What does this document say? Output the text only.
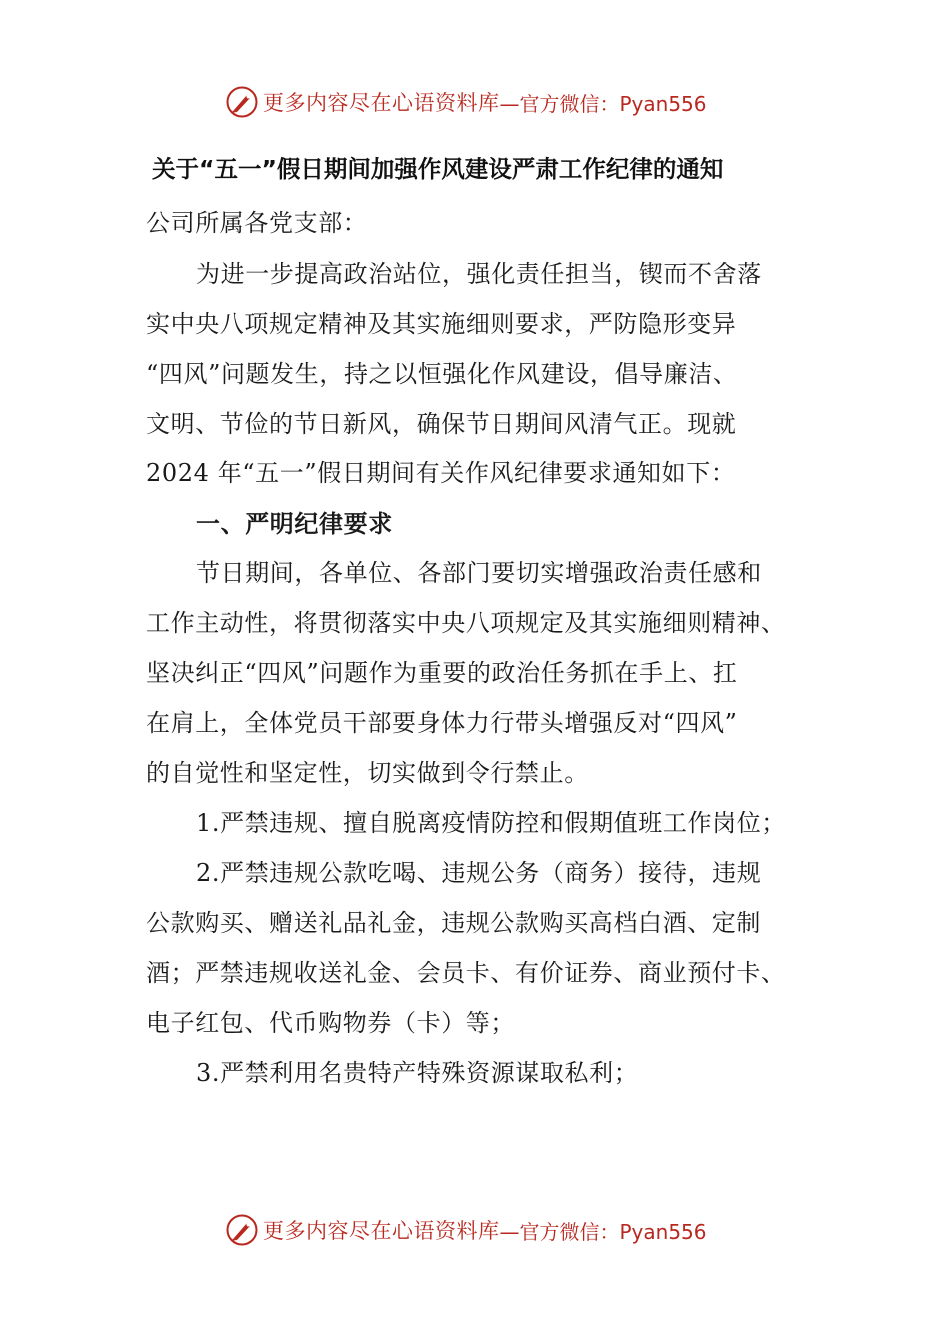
更多内容尽在心语资料库 —官方微信：Pyan556
关于“五一”假日期间加强作风建设严肃工作纪律的通知
公司所属各党支部：
为进一步提高政治站位，强化责任担当，锲而不舍落
实中央八项规定精神及其实施细则要求，严防隐形变异
“四风”问题发生，持之以恒强化作风建设，倡导廉洁、
文明、节俭的节日新风，确保节日期间风清气正。现就
2024 年“五一”假日期间有关作风纪律要求通知如下：
一、严明纪律要求
节日期间，各单位、各部门要切实增强政治责任感和
工作主动性，将贯彻落实中央八项规定及其实施细则精神、
坚决纠正“四风”问题作为重要的政治任务抓在手上、扛
在肩上，全体党员干部要身体力行带头增强反对“四风”
的自觉性和坚定性，切实做到令行禁止。
1.严禁违规、擅自脱离疫情防控和假期值班工作岗位；
2.严禁违规公款吃喝、违规公务（商务）接待，违规
公款购买、赠送礼品礼金，违规公款购买高档白酒、定制
酒；严禁违规收送礼金、会员卡、有价证券、商业预付卡、
电子红包、代币购物券（卡）等；
3.严禁利用名贵特产特殊资源谋取私利；
更多内容尽在心语资料库 —官方微信：Pyan556
